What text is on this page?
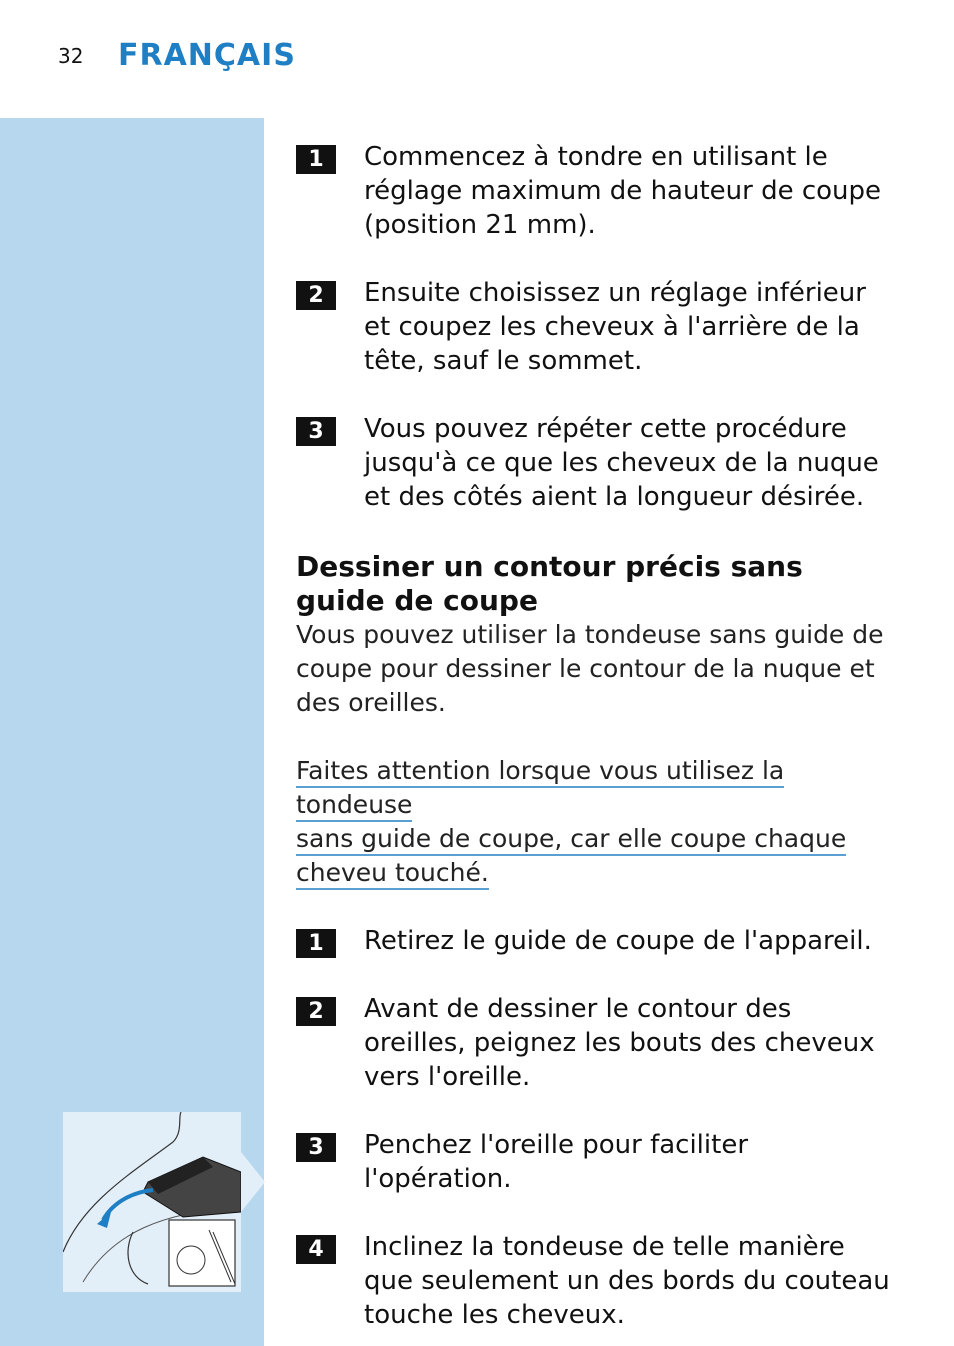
32 FRANÇAIS
1	Commencez à tondre en utilisant le réglage maximum de hauteur de coupe (position 21 mm).
2	Ensuite choisissez un réglage inférieur et coupez les cheveux à l'arrière de la tête, sauf le sommet.
3	Vous pouvez répéter cette procédure jusqu'à ce que les cheveux de la nuque et des côtés aient la longueur désirée.
Dessiner un contour précis sans guide de coupe
Vous pouvez utiliser la tondeuse sans guide de coupe pour dessiner le contour de la nuque et des oreilles.
Faites attention lorsque vous utilisez la tondeuse
sans guide de coupe, car elle coupe chaque
cheveu touché.
1	Retirez le guide de coupe de l'appareil.
2	Avant de dessiner le contour des oreilles, peignez les bouts des cheveux vers l'oreille.
3	Penchez l'oreille pour faciliter l'opération.
4	Inclinez la tondeuse de telle manière que seulement un des bords du couteau touche les cheveux.
